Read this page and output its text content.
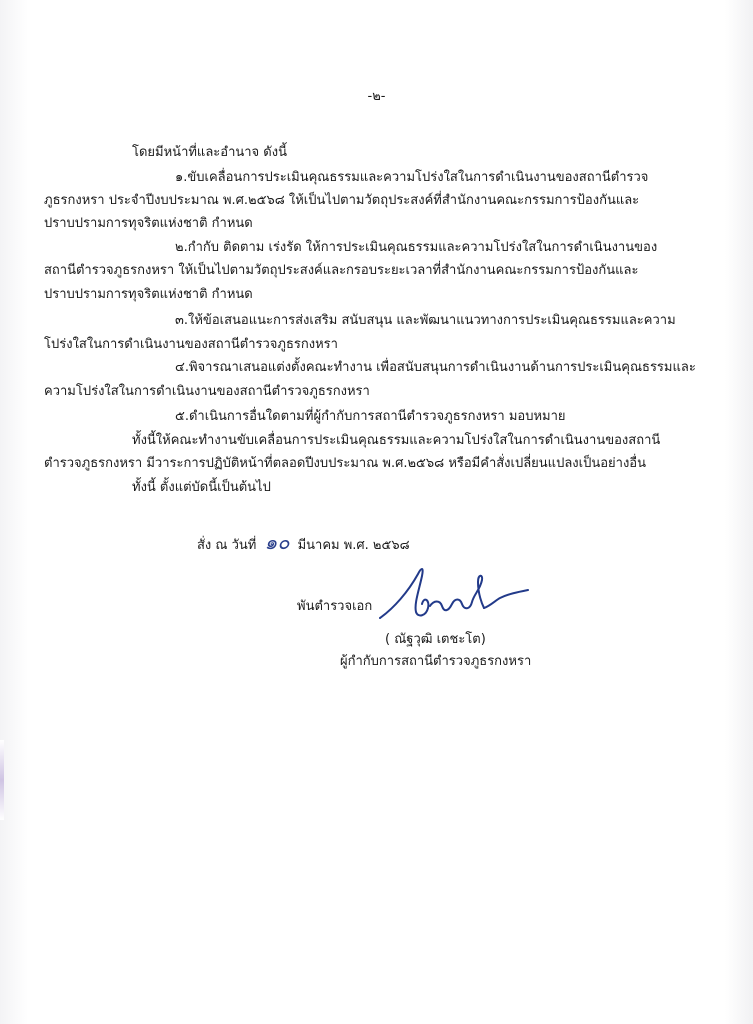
-๒-
โดยมีหน้าที่และอำนาจ ดังนี้
๑.ขับเคลื่อนการประเมินคุณธรรมและความโปร่งใสในการดำเนินงานของสถานีตำรวจ
ภูธรกงหรา ประจำปีงบประมาณ พ.ศ.๒๕๖๘ ให้เป็นไปตามวัตถุประสงค์ที่สำนักงานคณะกรรมการป้องกันและ
ปราบปรามการทุจริตแห่งชาติ กำหนด
๒.กำกับ ติดตาม เร่งรัด ให้การประเมินคุณธรรมและความโปร่งใสในการดำเนินงานของ
สถานีตำรวจภูธรกงหรา ให้เป็นไปตามวัตถุประสงค์และกรอบระยะเวลาที่สำนักงานคณะกรรมการป้องกันและ
ปราบปรามการทุจริตแห่งชาติ กำหนด
๓.ให้ข้อเสนอแนะการส่งเสริม สนับสนุน และพัฒนาแนวทางการประเมินคุณธรรมและความ
โปร่งใสในการดำเนินงานของสถานีตำรวจภูธรกงหรา
๔.พิจารณาเสนอแต่งตั้งคณะทำงาน เพื่อสนับสนุนการดำเนินงานด้านการประเมินคุณธรรมและ
ความโปร่งใสในการดำเนินงานของสถานีตำรวจภูธรกงหรา
๕.ดำเนินการอื่นใดตามที่ผู้กำกับการสถานีตำรวจภูธรกงหรา มอบหมาย
ทั้งนี้ให้คณะทำงานขับเคลื่อนการประเมินคุณธรรมและความโปร่งใสในการดำเนินงานของสถานี
ตำรวจภูธรกงหรา มีวาระการปฏิบัติหน้าที่ตลอดปีงบประมาณ พ.ศ.๒๕๖๘ หรือมีคำสั่งเปลี่ยนแปลงเป็นอย่างอื่น
ทั้งนี้ ตั้งแต่บัดนี้เป็นต้นไป
สั่ง ณ วันที่ ๑๐ มีนาคม พ.ศ. ๒๕๖๘
พันตำรวจเอก
( ณัฐวุฒิ เตชะโต)
ผู้กำกับการสถานีตำรวจภูธรกงหรา
